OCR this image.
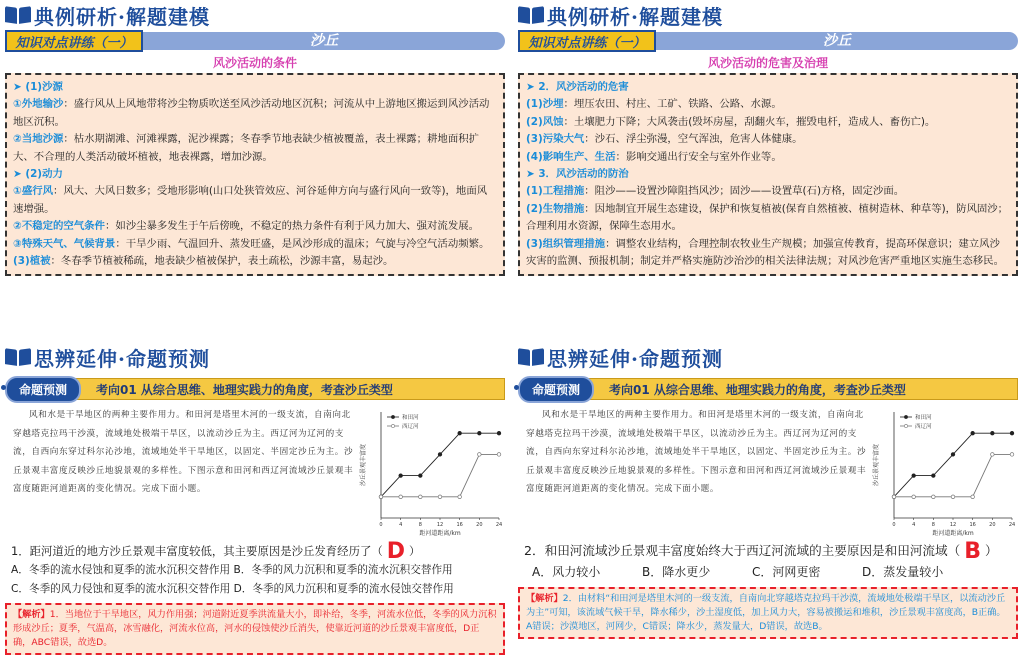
典例研析·解题建模
知识对点讲练（一）	沙丘
风沙活动的条件
➤ (1)沙源
①外地输沙：盛行风从上风地带将沙尘物质吹送至风沙活动地区沉积；河流从中上游地区搬运到风沙活动地区沉积。
②当地沙源：枯水期湖滩、河滩裸露，泥沙裸露；冬春季节地表缺少植被覆盖，表土裸露；耕地面积扩大、不合理的人类活动破坏植被，地表裸露，增加沙源。
➤ (2)动力
①盛行风：风大、大风日数多；受地形影响(山口处狭管效应、河谷延伸方向与盛行风向一致等)，地面风速增强。
②不稳定的空气条件：如沙尘暴多发生于午后傍晚，不稳定的热力条件有利于风力加大、强对流发展。
③特殊天气、气候背景：干旱少雨、气温回升、蒸发旺盛，是风沙形成的温床；气旋与冷空气活动频繁。
(3)植被：冬春季节植被稀疏，地表缺少植被保护，表土疏松，沙源丰富，易起沙。
典例研析·解题建模
知识对点讲练（一）	沙丘
风沙活动的危害及治理
➤ 2．风沙活动的危害
(1)沙埋：埋压农田、村庄、工矿、铁路、公路、水源。
(2)风蚀：土壤肥力下降；大风袭击(毁坏房屋，刮翻火车，摧毁电杆，造成人、畜伤亡)。
(3)污染大气：沙石、浮尘弥漫，空气浑浊，危害人体健康。
(4)影响生产、生活：影响交通出行安全与室外作业等。
➤ 3．风沙活动的防治
(1)工程措施：阻沙——设置沙障阻挡风沙；固沙——设置草(石)方格，固定沙面。
(2)生物措施：因地制宜开展生态建设，保护和恢复植被(保育自然植被、植树造林、种草等)，防风固沙；合理利用水资源，保障生态用水。
(3)组织管理措施：调整农业结构，合理控制农牧业生产规模；加强宣传教育，提高环保意识；建立风沙灾害的监测、预报机制；制定并严格实施防沙治沙的相关法律法规；对风沙危害严重地区实施生态移民。
思辨延伸·命题预测
命题预测	考向01 从综合思维、地理实践力的角度，考查沙丘类型
风和水是干旱地区的两种主要作用力。和田河是塔里木河的一级支流，自南向北穿越塔克拉玛干沙漠，流域地处极端干旱区，以流动沙丘为主。西辽河为辽河的支流，自西向东穿过科尔沁沙地，流域地处半干旱地区，以固定、半固定沙丘为主。沙丘景观丰富度反映沙丘地貌景观的多样性。下图示意和田河和西辽河流域沙丘景观丰富度随距河道距离的变化情况。完成下面小题。
0	4	8	12	16	20	24
距河道距离/km
沙丘景观丰富度
和田河
西辽河
1．距河道近的地方沙丘景观丰富度较低，其主要原因是沙丘发育经历了（ D ）
A．冬季的流水侵蚀和夏季的流水沉积交替作用 B．冬季的风力沉积和夏季的流水沉积交替作用
C．冬季的风力侵蚀和夏季的流水沉积交替作用 D．冬季的风力沉积和夏季的流水侵蚀交替作用
【解析】1．当地位于干旱地区，风力作用强；河道附近夏季洪流量大小，即补给，冬季，河流水位低，冬季的风力沉积形成沙丘；夏季，气温高，冰雪融化，河流水位高，河水的侵蚀使沙丘消失，使靠近河道的沙丘景观丰富度低，D正确，ABC错误，故选D。
思辨延伸·命题预测
命题预测	考向01 从综合思维、地理实践力的角度，考查沙丘类型
风和水是干旱地区的两种主要作用力。和田河是塔里木河的一级支流，自南向北穿越塔克拉玛干沙漠，流域地处极端干旱区，以流动沙丘为主。西辽河为辽河的支流，自西向东穿过科尔沁沙地，流域地处半干旱地区，以固定、半固定沙丘为主。沙丘景观丰富度反映沙丘地貌景观的多样性。下图示意和田河和西辽河流域沙丘景观丰富度随距河道距离的变化情况。完成下面小题。
0	4	8	12	16	20	24
距河道距离/km
沙丘景观丰富度
和田河
西辽河
2．和田河流域沙丘景观丰富度始终大于西辽河流域的主要原因是和田河流域（ B ）
A．风力较小	B．降水更少	C．河网更密	D．蒸发量较小
【解析】2．由材料“和田河是塔里木河的一级支流，自南向北穿越塔克拉玛干沙漠，流域地处极端干旱区，以流动沙丘为主”可知，该流域气候干旱，降水稀少，沙土湿度低，加上风力大，容易被搬运和堆积，沙丘景观丰富度高，B正确。A错误；沙漠地区，河网少，C错误；降水少，蒸发量大，D错误，故选B。
